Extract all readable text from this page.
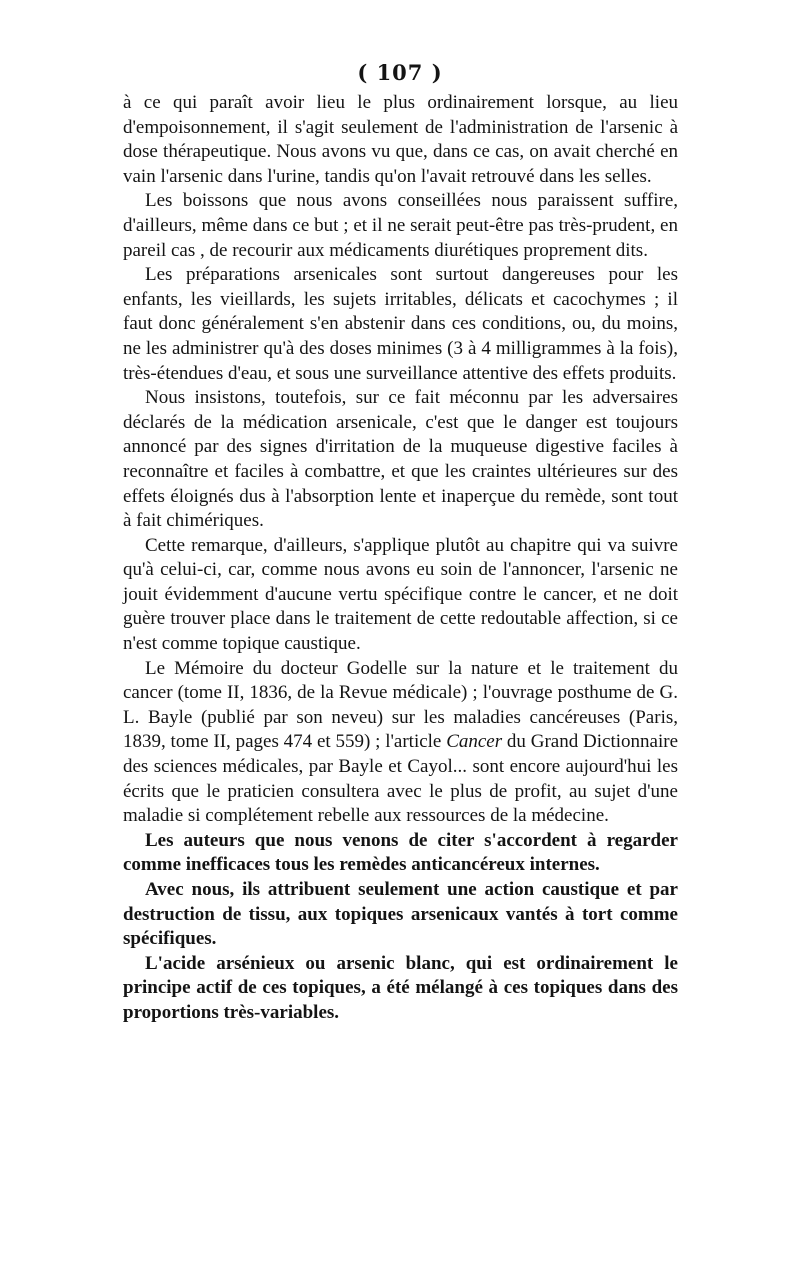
( 107 )

à ce qui paraît avoir lieu le plus ordinairement lorsque, au lieu d'empoisonnement, il s'agit seulement de l'administration de l'arsenic à dose thérapeutique. Nous avons vu que, dans ce cas, on avait cherché en vain l'arsenic dans l'urine, tandis qu'on l'avait retrouvé dans les selles.

Les boissons que nous avons conseillées nous paraissent suffire, d'ailleurs, même dans ce but ; et il ne serait peut-être pas très-prudent, en pareil cas , de recourir aux médicaments diurétiques proprement dits.

Les préparations arsenicales sont surtout dangereuses pour les enfants, les vieillards, les sujets irritables, délicats et cacochymes ; il faut donc généralement s'en abstenir dans ces conditions, ou, du moins, ne les administrer qu'à des doses minimes (3 à 4 milligrammes à la fois), très-étendues d'eau, et sous une surveillance attentive des effets produits.

Nous insistons, toutefois, sur ce fait méconnu par les adversaires déclarés de la médication arsenicale, c'est que le danger est toujours annoncé par des signes d'irritation de la muqueuse digestive faciles à reconnaître et faciles à combattre, et que les craintes ultérieures sur des effets éloignés dus à l'absorption lente et inaperçue du remède, sont tout à fait chimériques.

Cette remarque, d'ailleurs, s'applique plutôt au chapitre qui va suivre qu'à celui-ci, car, comme nous avons eu soin de l'annoncer, l'arsenic ne jouit évidemment d'aucune vertu spécifique contre le cancer, et ne doit guère trouver place dans le traitement de cette redoutable affection, si ce n'est comme topique caustique.

Le Mémoire du docteur Godelle sur la nature et le traitement du cancer (tome II, 1836, de la Revue médicale) ; l'ouvrage posthume de G. L. Bayle (publié par son neveu) sur les maladies cancéreuses (Paris, 1839, tome II, pages 474 et 559) ; l'article Cancer du Grand Dictionnaire des sciences médicales, par Bayle et Cayol... sont encore aujourd'hui les écrits que le praticien consultera avec le plus de profit, au sujet d'une maladie si complétement rebelle aux ressources de la médecine.

Les auteurs que nous venons de citer s'accordent à regarder comme inefficaces tous les remèdes anticancéreux internes.

Avec nous, ils attribuent seulement une action caustique et par destruction de tissu, aux topiques arsenicaux vantés à tort comme spécifiques.

L'acide arsénieux ou arsenic blanc, qui est ordinairement le principe actif de ces topiques, a été mélangé à ces topiques dans des proportions très-variables.
